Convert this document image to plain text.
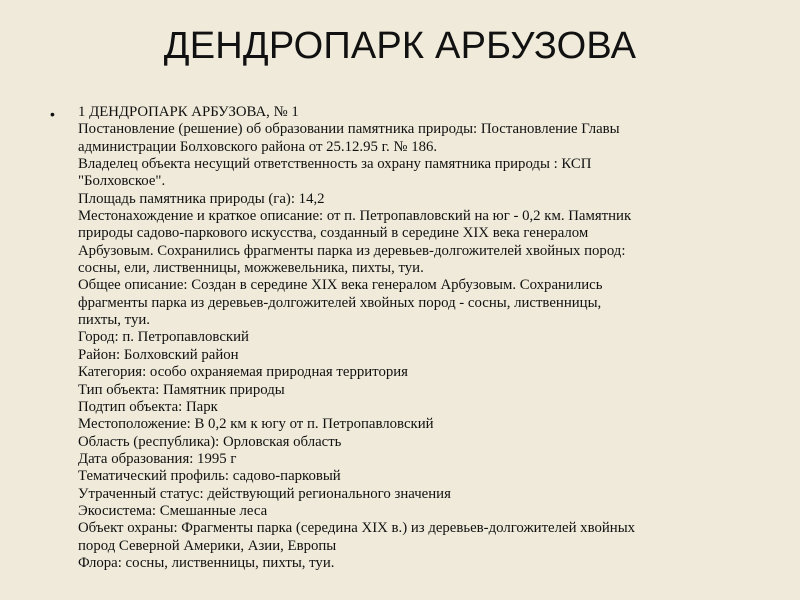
ДЕНДРОПАРК АРБУЗОВА
•	1 ДЕНДРОПАРК АРБУЗОВА, № 1
Постановление (решение) об образовании памятника природы: Постановление Главы
администрации Болховского района от 25.12.95 г. № 186.
Владелец объекта несущий ответственность за охрану памятника природы : КСП
"Болховское".
Площадь памятника природы (га): 14,2
Местонахождение и краткое описание: от п. Петропавловский на юг - 0,2 км. Памятник
природы садово-паркового искусства, созданный в середине XIX века генералом
Арбузовым. Сохранились фрагменты парка из деревьев-долгожителей хвойных пород:
сосны, ели, лиственницы, можжевельника, пихты, туи.
Общее описание: Создан в середине XIX века генералом Арбузовым. Сохранились
фрагменты парка из деревьев-долгожителей хвойных пород - сосны, лиственницы,
пихты, туи.
Город: п. Петропавловский
Район: Болховский район
Категория: особо охраняемая природная территория
Тип объекта: Памятник природы
Подтип объекта: Парк
Местоположение: В 0,2 км к югу от п. Петропавловский
Область (республика): Орловская область
Дата образования: 1995 г
Тематический профиль: садово-парковый
Утраченный статус: действующий регионального значения
Экосистема: Смешанные леса
Объект охраны: Фрагменты парка (середина XIX в.) из деревьев-долгожителей хвойных
пород Северной Америки, Азии, Европы
Флора: сосны, лиственницы, пихты, туи.
